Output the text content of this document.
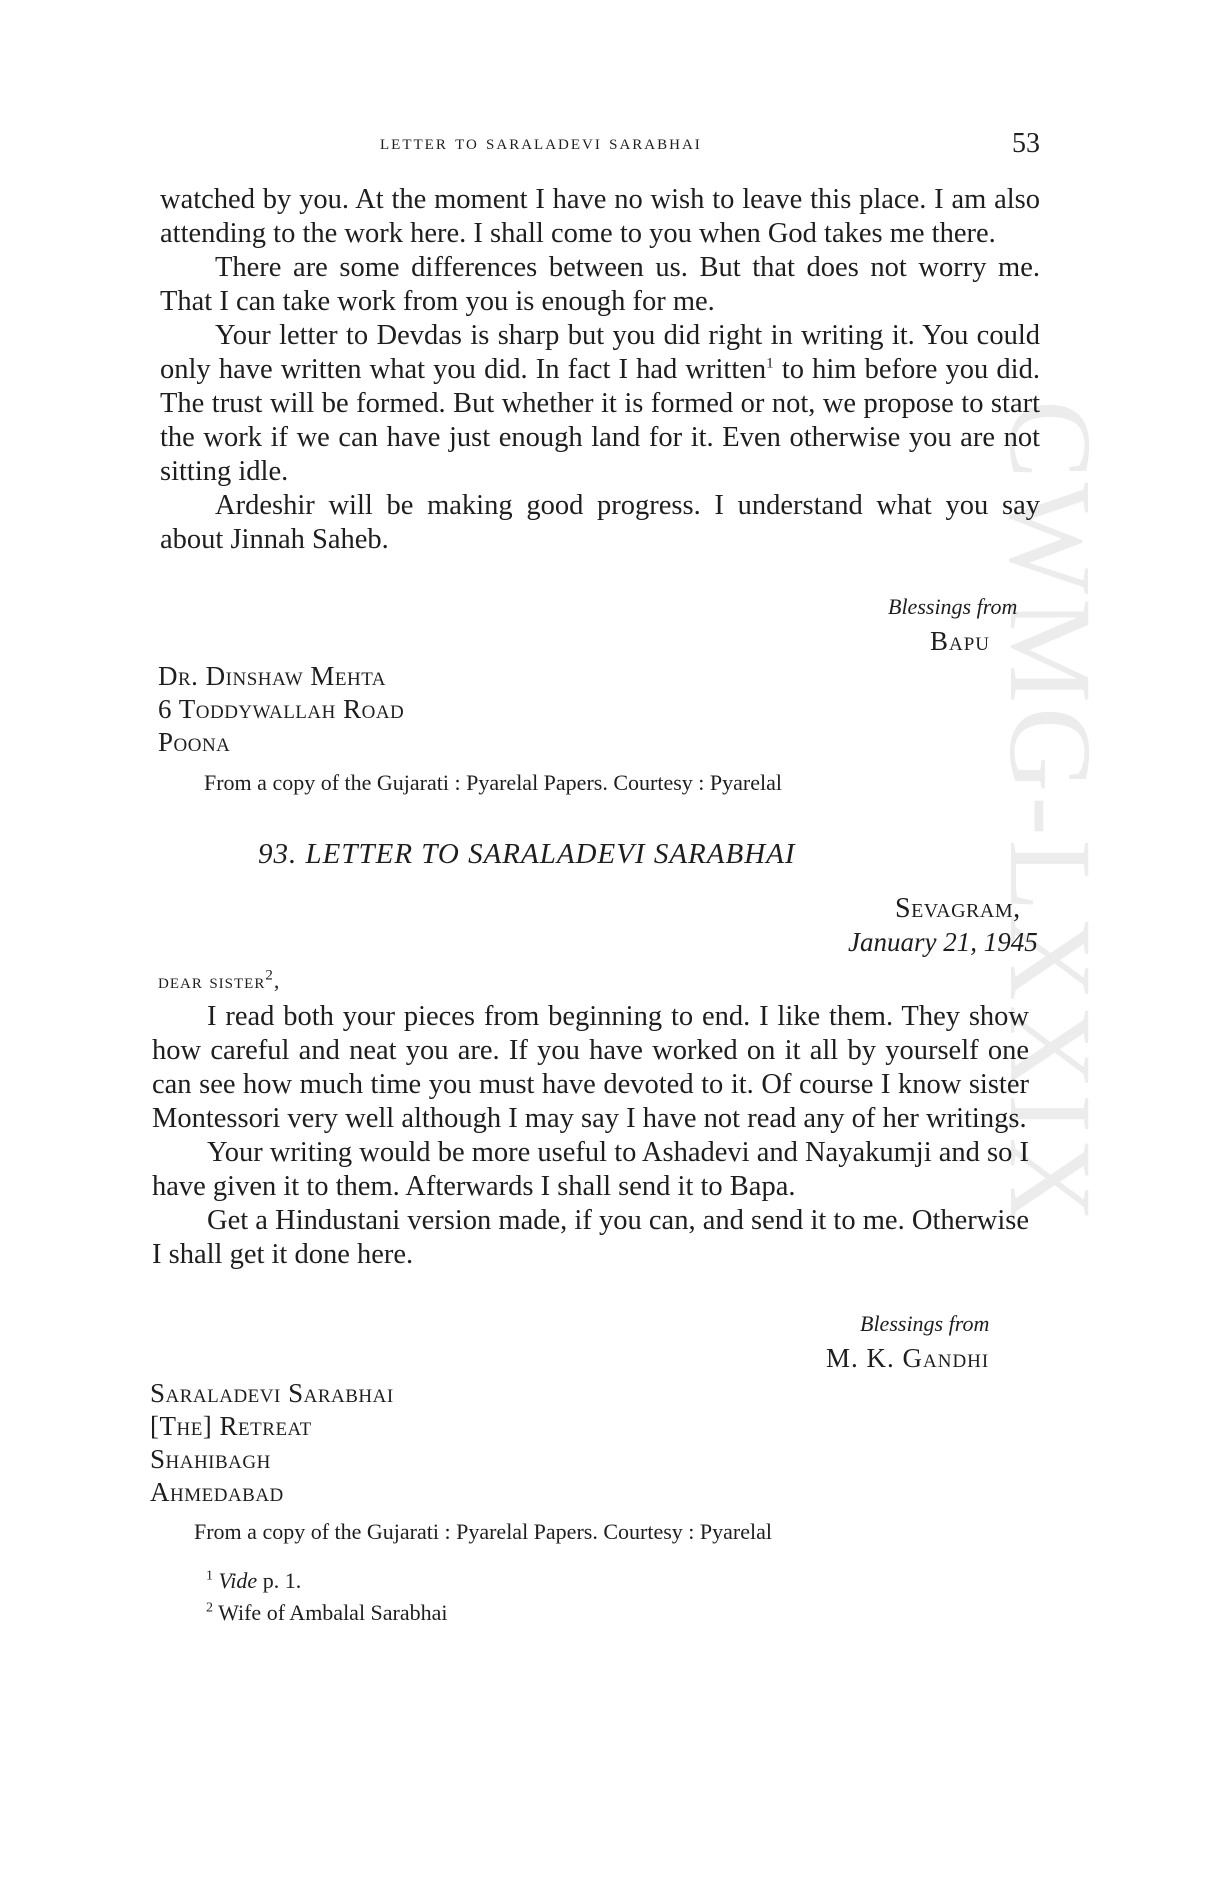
CWMG-LXXIX
letter to saraladevi sarabhai	53

watched by you. At the moment I have no wish to leave this place. I am also attending to the work here. I shall come to you when God takes me there.

There are some differences between us. But that does not worry me. That I can take work from you is enough for me.

Your letter to Devdas is sharp but you did right in writing it. You could only have written what you did. In fact I had written$^1$ to him before you did. The trust will be formed. But whether it is formed or not, we propose to start the work if we can have just enough land for it. Even otherwise you are not sitting idle.

Ardeshir will be making good progress. I understand what you say about Jinnah Saheb.

Blessings from
Bapu
Dr. Dinshaw Mehta
6 Toddywallah Road
Poona
From a copy of the Gujarati : Pyarelal Papers. Courtesy : Pyarelal
93. LETTER TO SARALADEVI SARABHAI
Sevagram,
January 21, 1945
dear sister$^2$,

I read both your pieces from beginning to end. I like them. They show how careful and neat you are. If you have worked on it all by yourself one can see how much time you must have devoted to it. Of course I know sister Montessori very well although I may say I have not read any of her writings.

Your writing would be more useful to Ashadevi and Nayakumji and so I have given it to them. Afterwards I shall send it to Bapa.

Get a Hindustani version made, if you can, and send it to me. Otherwise I shall get it done here.

Blessings from
M. K. Gandhi
Saraladevi Sarabhai
[The] Retreat
Shahibagh
Ahmedabad
From a copy of the Gujarati : Pyarelal Papers. Courtesy : Pyarelal
$^1$ Vide p. 1.
$^2$ Wife of Ambalal Sarabhai
